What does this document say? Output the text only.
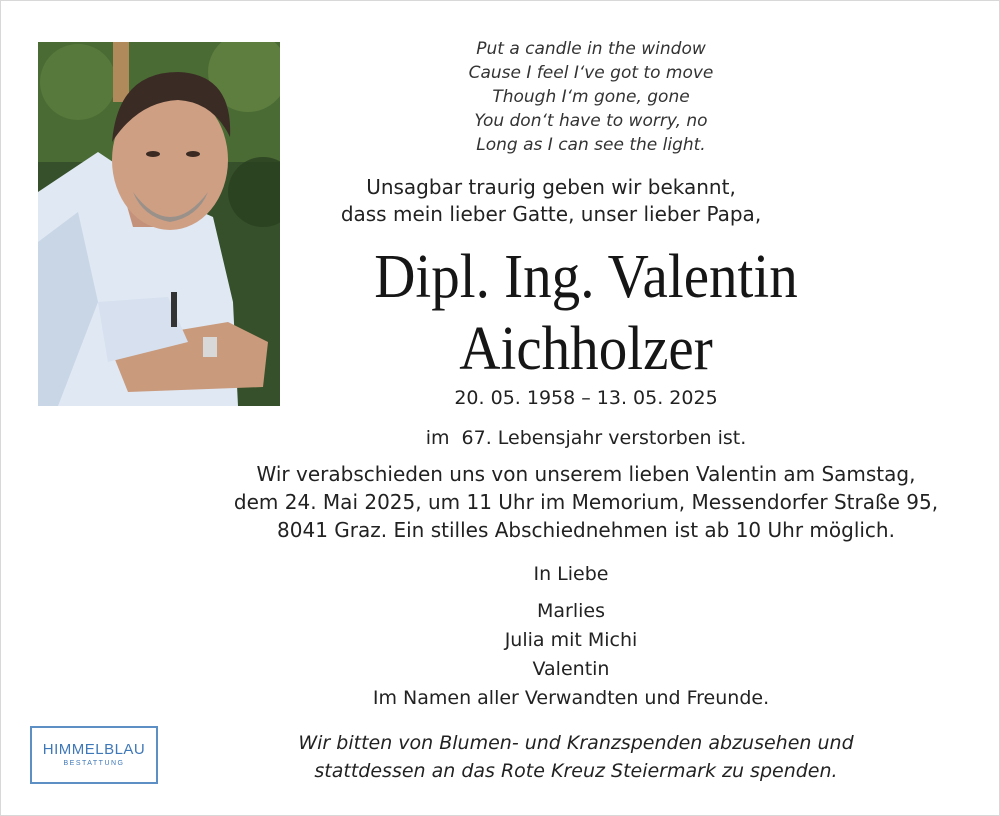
Put a candle in the window
Cause I feel I‘ve got to move
Though I‘m gone, gone
You don‘t have to worry, no
Long as I can see the light.
Unsagbar traurig geben wir bekannt,
dass mein lieber Gatte, unser lieber Papa,
Dipl. Ing. Valentin
Aichholzer
20. 05. 1958 – 13. 05. 2025
im  67. Lebensjahr verstorben ist.
Wir verabschieden uns von unserem lieben Valentin am Samstag,
dem 24. Mai 2025, um 11 Uhr im Memorium, Messendorfer Straße 95,
8041 Graz. Ein stilles Abschiednehmen ist ab 10 Uhr möglich.
In Liebe
Marlies
Julia mit Michi
Valentin
Im Namen aller Verwandten und Freunde.
HIMMELBLAU
BESTATTUNG
Wir bitten von Blumen- und Kranzspenden abzusehen und
stattdessen an das Rote Kreuz Steiermark zu spenden.
